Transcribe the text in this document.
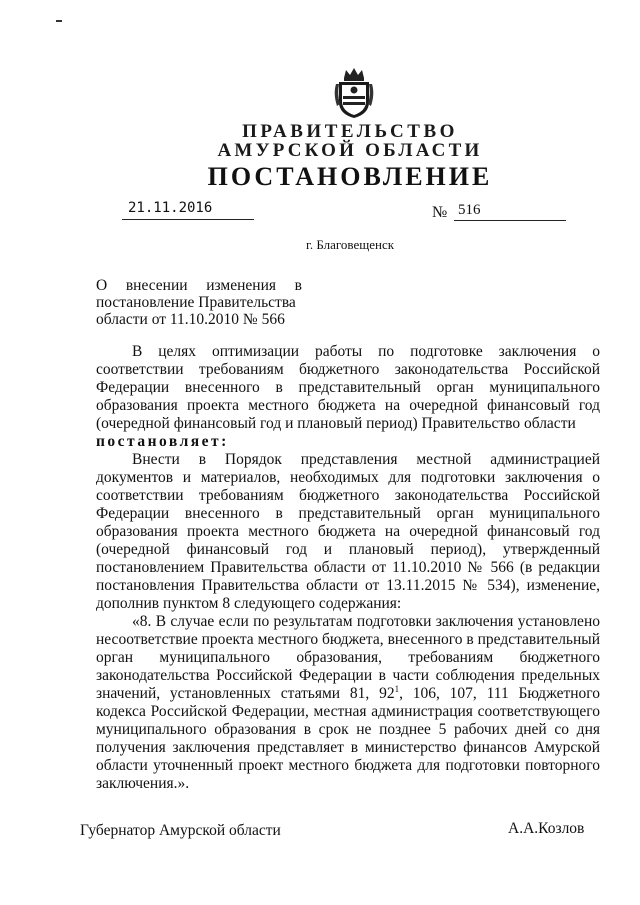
ПРАВИТЕЛЬСТВО
АМУРСКОЙ ОБЛАСТИ
ПОСТАНОВЛЕНИЕ
21.11.2016	№ 516
г. Благовещенск
О внесении изменения в
постановление Правительства
области от 11.10.2010 № 566

В целях оптимизации работы по подготовке заключения о соответствии требованиям бюджетного законодательства Российской Федерации внесенного в представительный орган муниципального образования проекта местного бюджета на очередной финансовый год (очередной финансовый год и плановый период) Правительство области

постановляет:

Внести в Порядок представления местной администрацией документов и материалов, необходимых для подготовки заключения о соответствии требованиям бюджетного законодательства Российской Федерации внесенного в представительный орган муниципального образования проекта местного бюджета на очередной финансовый год (очередной финансовый год и плановый период), утвержденный постановлением Правительства области от 11.10.2010 № 566 (в редакции постановления Правительства области от 13.11.2015 № 534), изменение, дополнив пунктом 8 следующего содержания:

«8. В случае если по результатам подготовки заключения установлено несоответствие проекта местного бюджета, внесенного в представительный орган муниципального образования, требованиям бюджетного законодательства Российской Федерации в части соблюдения предельных значений, установленных статьями 81, $92^1$, 106, 107, 111 Бюджетного кодекса Российской Федерации, местная администрация соответствующего муниципального образования в срок не позднее 5 рабочих дней со дня получения заключения представляет в министерство финансов Амурской области уточненный проект местного бюджета для подготовки повторного заключения.».

Губернатор Амурской области	А.А.Козлов
